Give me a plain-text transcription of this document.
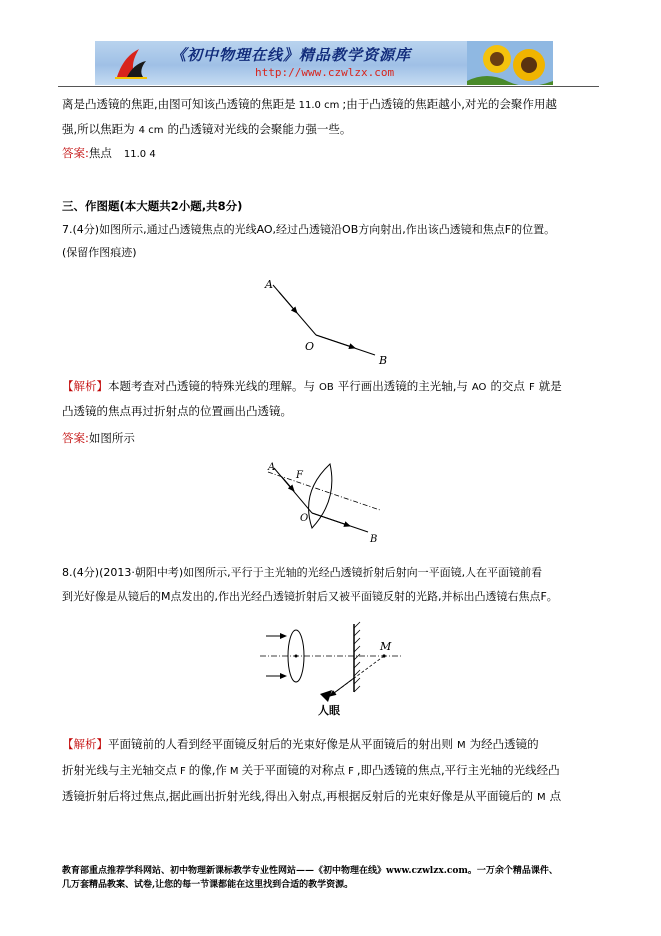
《初中物理在线》精品教学资源库
http://www.czwlzx.com
离是凸透镜的焦距,由图可知该凸透镜的焦距是 11.0 cm ;由于凸透镜的焦距越小,对光的会聚作用越
强,所以焦距为 4 cm 的凸透镜对光线的会聚能力强一些。
答案:焦点 11.0 4
三、作图题(本大题共2小题,共8分)
7.(4分)如图所示,通过凸透镜焦点的光线AO,经过凸透镜沿OB方向射出,作出该凸透镜和焦点F的位置。
(保留作图痕迹)
A
O
B
【解析】本题考查对凸透镜的特殊光线的理解。与 OB 平行画出透镜的主光轴,与 AO 的交点 F 就是
凸透镜的焦点再过折射点的位置画出凸透镜。
答案:如图所示
A
F
O
B
8.(4分)(2013·朝阳中考)如图所示,平行于主光轴的光经凸透镜折射后射向一平面镜,人在平面镜前看
到光好像是从镜后的M点发出的,作出光经凸透镜折射后又被平面镜反射的光路,并标出凸透镜右焦点F。
M
人眼
【解析】平面镜前的人看到经平面镜反射后的光束好像是从平面镜后的射出则 M 为经凸透镜的
折射光线与主光轴交点 F 的像,作 M 关于平面镜的对称点 F ,即凸透镜的焦点,平行主光轴的光线经凸
透镜折射后将过焦点,据此画出折射光线,得出入射点,再根据反射后的光束好像是从平面镜后的 M 点
教育部重点推荐学科网站、初中物理新课标教学专业性网站——《初中物理在线》www.czwlzx.com。一万余个精品课件、
几万套精品教案、试卷,让您的每一节课都能在这里找到合适的教学资源。
